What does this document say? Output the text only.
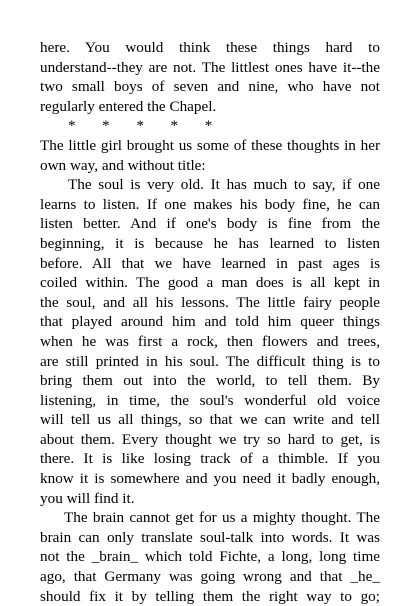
here. You would think these things hard to
understand--they are not. The littlest ones have it--the
two small boys of seven and nine, who have not
regularly entered the Chapel.
*       *       *       *       *
The little girl brought us some of these thoughts in her
own way, and without title:
The soul is very old. It has much to say, if one
learns to listen. If one makes his body fine, he can
listen better. And if one's body is fine from the
beginning, it is because he has learned to listen
before. All that we have learned in past ages is
coiled within. The good a man does is all kept in
the soul, and all his lessons. The little fairy people
that played around him and told him queer things
when he was first a rock, then flowers and trees,
are still printed in his soul. The difficult thing is to
bring them out into the world, to tell them. By
listening, in time, the soul's wonderful old voice
will tell us all things, so that we can write and tell
about them. Every thought we try so hard to get, is
there. It is like losing track of a thimble. If you
know it is somewhere and you need it badly enough,
you will find it.
The brain cannot get for us a mighty thought. The
brain can only translate soul-talk into words. It was
not the _brain_ which told Fichte, a long, long time
ago, that Germany was going wrong and that _he_
should fix it by telling them the right way to go;
